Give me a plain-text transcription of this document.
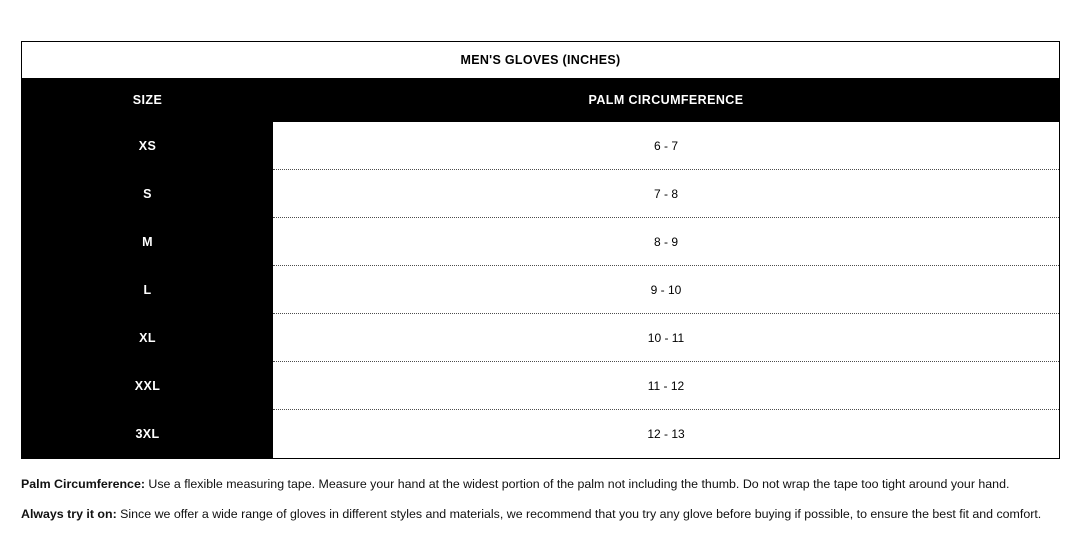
MEN'S GLOVES (INCHES)
SIZE	PALM CIRCUMFERENCE
XS	6 - 7
S	7 - 8
M	8 - 9
L	9 - 10
XL	10 - 11
XXL	11 - 12
3XL	12 - 13
Palm Circumference: Use a flexible measuring tape. Measure your hand at the widest portion of the palm not including the thumb. Do not wrap the tape too tight around your hand.
Always try it on: Since we offer a wide range of gloves in different styles and materials, we recommend that you try any glove before buying if possible, to ensure the best fit and comfort.
